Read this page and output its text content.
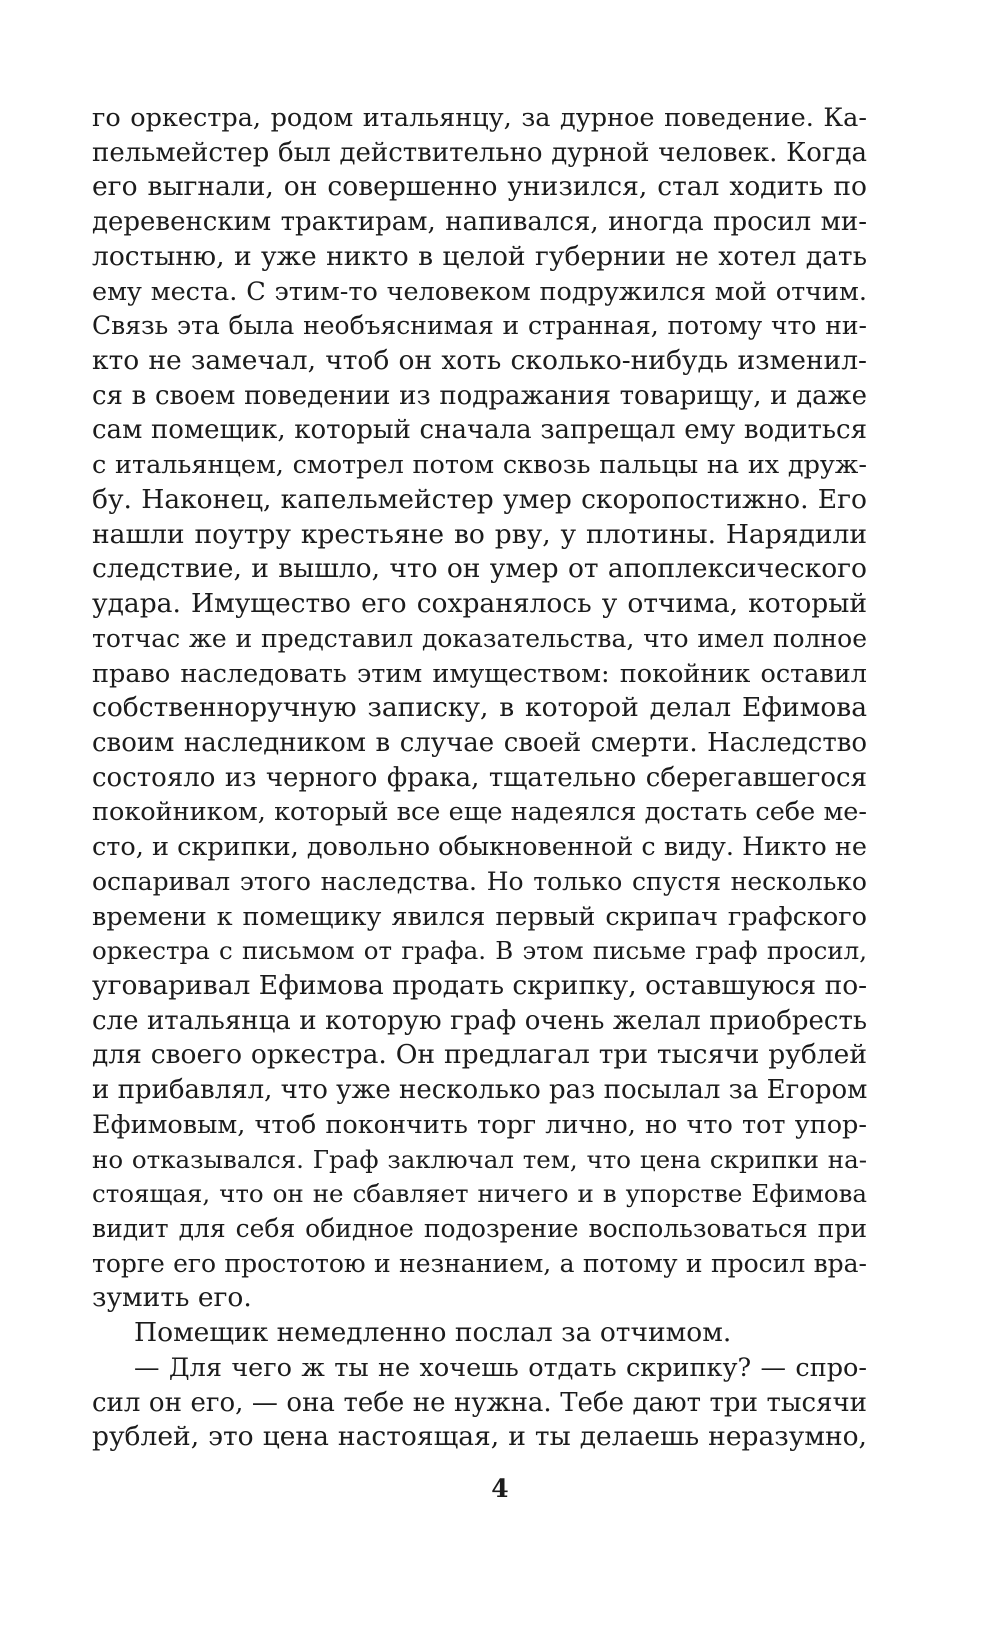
го оркестра, родом итальянцу, за дурное поведение. Ка-
пельмейстер был действительно дурной человек. Когда
его выгнали, он совершенно унизился, стал ходить по
деревенским трактирам, напивался, иногда просил ми-
лостыню, и уже никто в целой губернии не хотел дать
ему места. С этим-то человеком подружился мой отчим.
Связь эта была необъяснимая и странная, потому что ни-
кто не замечал, чтоб он хоть сколько-нибудь изменил-
ся в своем поведении из подражания товарищу, и даже
сам помещик, который сначала запрещал ему водиться
с итальянцем, смотрел потом сквозь пальцы на их друж-
бу. Наконец, капельмейстер умер скоропостижно. Его
нашли поутру крестьяне во рву, у плотины. Нарядили
следствие, и вышло, что он умер от апоплексического
удара. Имущество его сохранялось у отчима, который
тотчас же и представил доказательства, что имел полное
право наследовать этим имуществом: покойник оставил
собственноручную записку, в которой делал Ефимова
своим наследником в случае своей смерти. Наследство
состояло из черного фрака, тщательно сберегавшегося
покойником, который все еще надеялся достать себе ме-
сто, и скрипки, довольно обыкновенной с виду. Никто не
оспаривал этого наследства. Но только спустя несколько
времени к помещику явился первый скрипач графского
оркестра с письмом от графа. В этом письме граф просил,
уговаривал Ефимова продать скрипку, оставшуюся по-
сле итальянца и которую граф очень желал приобресть
для своего оркестра. Он предлагал три тысячи рублей
и прибавлял, что уже несколько раз посылал за Егором
Ефимовым, чтоб покончить торг лично, но что тот упор-
но отказывался. Граф заключал тем, что цена скрипки на-
стоящая, что он не сбавляет ничего и в упорстве Ефимова
видит для себя обидное подозрение воспользоваться при
торге его простотою и незнанием, а потому и просил вра-
зумить его.
Помещик немедленно послал за отчимом.
— Для чего ж ты не хочешь отдать скрипку? — спро-
сил он его, — она тебе не нужна. Тебе дают три тысячи
рублей, это цена настоящая, и ты делаешь неразумно,
4
